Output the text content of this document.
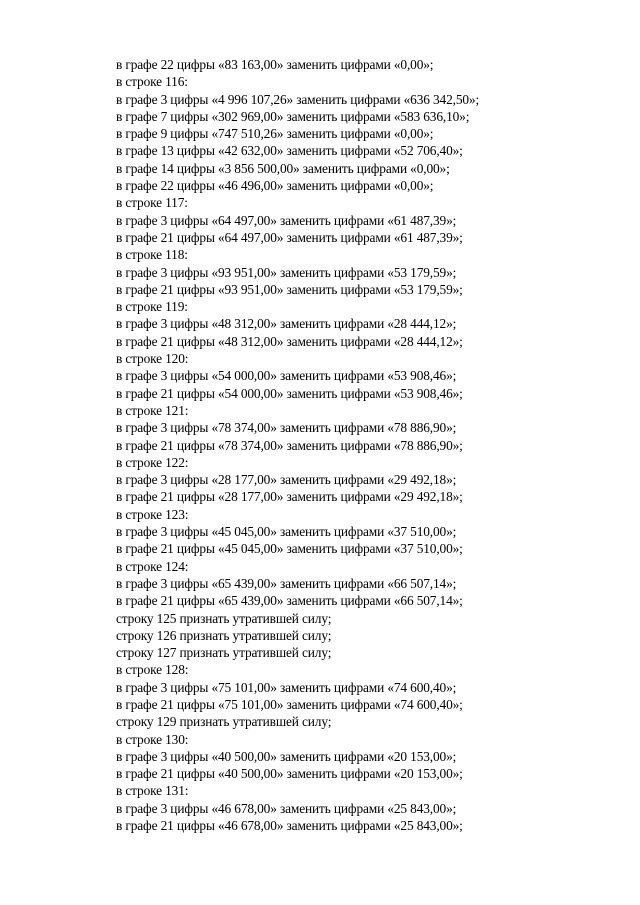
в графе 22 цифры «83 163,00» заменить цифрами «0,00»;
в строке 116:
в графе 3 цифры «4 996 107,26» заменить цифрами «636 342,50»;
в графе 7 цифры «302 969,00» заменить цифрами «583 636,10»;
в графе 9 цифры «747 510,26» заменить цифрами «0,00»;
в графе 13 цифры «42 632,00» заменить цифрами «52 706,40»;
в графе 14 цифры «3 856 500,00» заменить цифрами «0,00»;
в графе 22 цифры «46 496,00» заменить цифрами «0,00»;
в строке 117:
в графе 3 цифры «64 497,00» заменить цифрами «61 487,39»;
в графе 21 цифры «64 497,00» заменить цифрами «61 487,39»;
в строке 118:
в графе 3 цифры «93 951,00» заменить цифрами «53 179,59»;
в графе 21 цифры «93 951,00» заменить цифрами «53 179,59»;
в строке 119:
в графе 3 цифры «48 312,00» заменить цифрами «28 444,12»;
в графе 21 цифры «48 312,00» заменить цифрами «28 444,12»;
в строке 120:
в графе 3 цифры «54 000,00» заменить цифрами «53 908,46»;
в графе 21 цифры «54 000,00» заменить цифрами «53 908,46»;
в строке 121:
в графе 3 цифры «78 374,00» заменить цифрами «78 886,90»;
в графе 21 цифры «78 374,00» заменить цифрами «78 886,90»;
в строке 122:
в графе 3 цифры «28 177,00» заменить цифрами «29 492,18»;
в графе 21 цифры «28 177,00» заменить цифрами «29 492,18»;
в строке 123:
в графе 3 цифры «45 045,00» заменить цифрами «37 510,00»;
в графе 21 цифры «45 045,00» заменить цифрами «37 510,00»;
в строке 124:
в графе 3 цифры «65 439,00» заменить цифрами «66 507,14»;
в графе 21 цифры «65 439,00» заменить цифрами «66 507,14»;
строку 125 признать утратившей силу;
строку 126 признать утратившей силу;
строку 127 признать утратившей силу;
в строке 128:
в графе 3 цифры «75 101,00» заменить цифрами «74 600,40»;
в графе 21 цифры «75 101,00» заменить цифрами «74 600,40»;
строку 129 признать утратившей силу;
в строке 130:
в графе 3 цифры «40 500,00» заменить цифрами «20 153,00»;
в графе 21 цифры «40 500,00» заменить цифрами «20 153,00»;
в строке 131:
в графе 3 цифры «46 678,00» заменить цифрами «25 843,00»;
в графе 21 цифры «46 678,00» заменить цифрами «25 843,00»;
